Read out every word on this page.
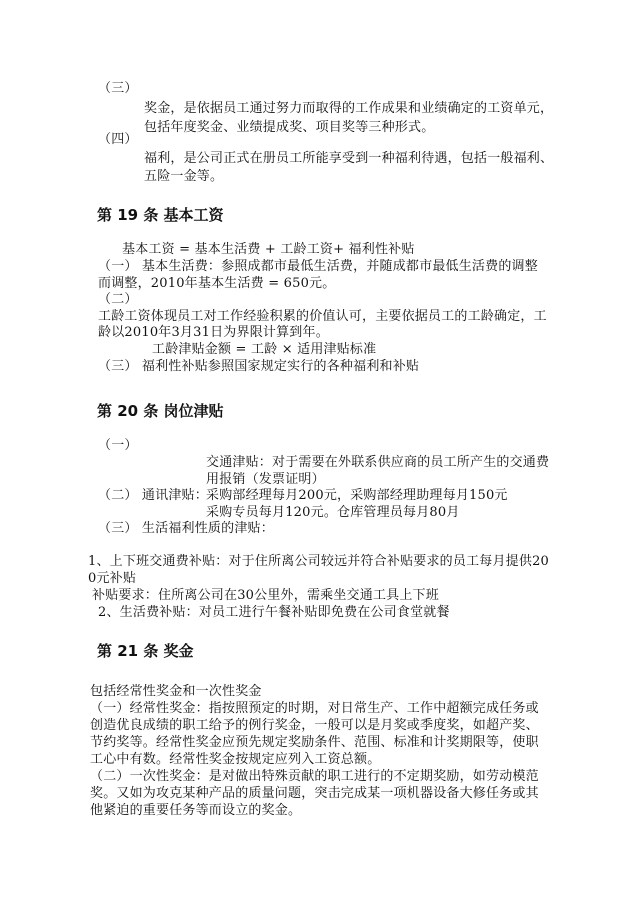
（三）
奖金，是依据员工通过努力而取得的工作成果和业绩确定的工资单元，
包括年度奖金、业绩提成奖、项目奖等三种形式。
（四）
福利，是公司正式在册员工所能享受到一种福利待遇，包括一般福利、
五险一金等。
第 19 条 基本工资
基本工资 = 基本生活费 + 工龄工资+ 福利性补贴
（一） 基本生活费：参照成都市最低生活费，并随成都市最低生活费的调整
而调整，2010年基本生活费 = 650元。
（二）
工龄工资体现员工对工作经验积累的价值认可，主要依据员工的工龄确定，工
龄以2010年3月31日为界限计算到年。
工龄津贴金额 = 工龄 × 适用津贴标准
（三） 福利性补贴参照国家规定实行的各种福利和补贴
第 20 条 岗位津贴
（一）
交通津贴：对于需要在外联系供应商的员工所产生的交通费
用报销（发票证明）
（二） 通讯津贴：
采购部经理每月200元，采购部经理助理每月150元
采购专员每月120元。仓库管理员每月80月
（三） 生活福利性质的津贴：
1、上下班交通费补贴：对于住所离公司较远并符合补贴要求的员工每月提供20
0元补贴
补贴要求：住所离公司在30公里外，需乘坐交通工具上下班
2、生活费补贴：对员工进行午餐补贴即免费在公司食堂就餐
第 21 条 奖金
包括经常性奖金和一次性奖金
（一）经常性奖金：指按照预定的时期，对日常生产、工作中超额完成任务或
创造优良成绩的职工给予的例行奖金，一般可以是月奖或季度奖，如超产奖、
节约奖等。经常性奖金应预先规定奖励条件、范围、标准和计奖期限等，使职
工心中有数。经常性奖金按规定应列入工资总额。
（二）一次性奖金：是对做出特殊贡献的职工进行的不定期奖励，如劳动模范
奖。又如为攻克某种产品的质量问题，突击完成某一项机器设备大修任务或其
他紧迫的重要任务等而设立的奖金。
